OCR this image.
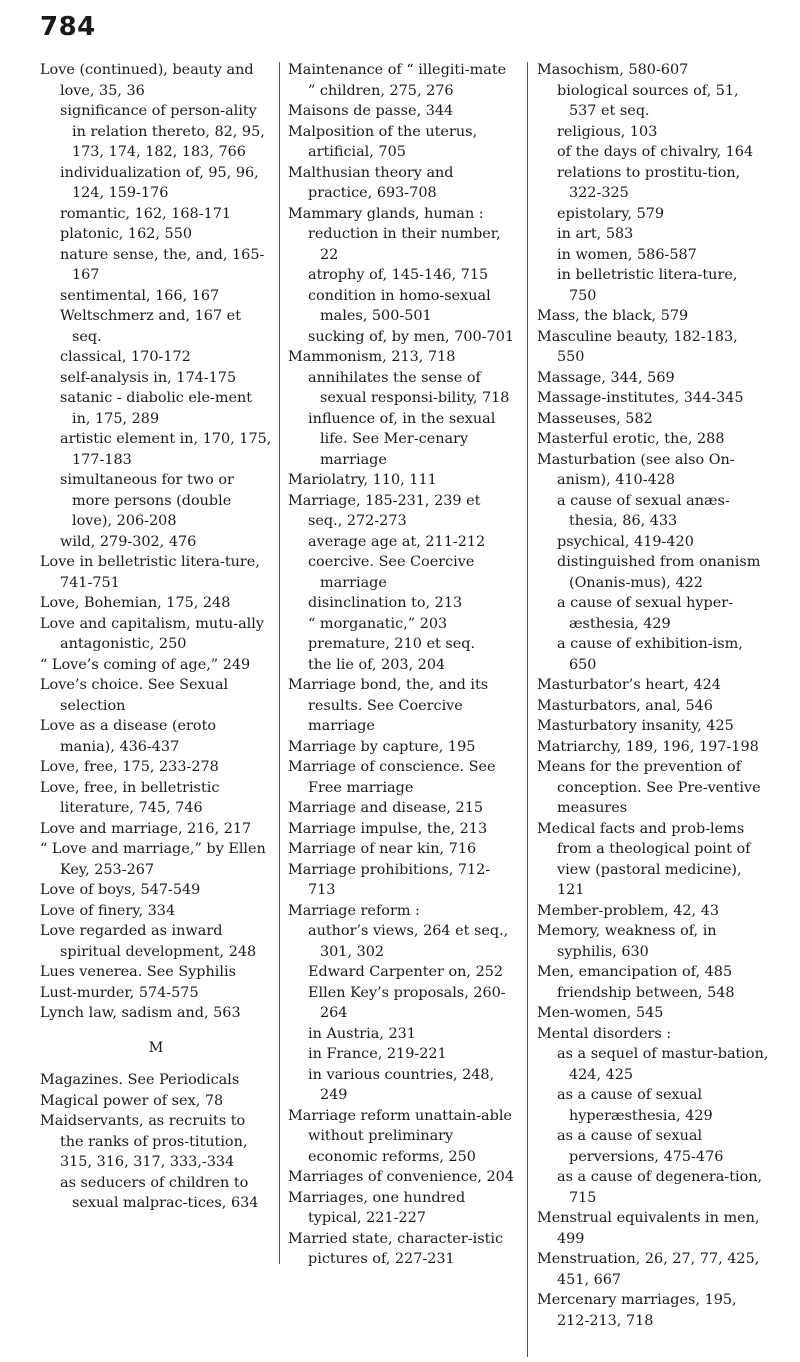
784
Love (continued), beauty and love, 35, 36
significance of person-ality in relation thereto, 82, 95, 173, 174, 182, 183, 766
individualization of, 95, 96, 124, 159-176
romantic, 162, 168-171
platonic, 162, 550
nature sense, the, and, 165-167
sentimental, 166, 167
Weltschmerz and, 167 et seq.
classical, 170-172
self-analysis in, 174-175
satanic - diabolic ele-ment in, 175, 289
artistic element in, 170, 175, 177-183
simultaneous for two or more persons (double love), 206-208
wild, 279-302, 476
Love in belletristic litera-ture, 741-751
Love, Bohemian, 175, 248
Love and capitalism, mutu-ally antagonistic, 250
“ Love’s coming of age,” 249
Love’s choice. See Sexual selection
Love as a disease (eroto mania), 436-437
Love, free, 175, 233-278
Love, free, in belletristic literature, 745, 746
Love and marriage, 216, 217
“ Love and marriage,” by Ellen Key, 253-267
Love of boys, 547-549
Love of finery, 334
Love regarded as inward spiritual development, 248
Lues venerea. See Syphilis
Lust-murder, 574-575
Lynch law, sadism and, 563
M
Magazines. See Periodicals
Magical power of sex, 78
Maidservants, as recruits to the ranks of pros-titution, 315, 316, 317, 333,-334
as seducers of children to sexual malprac-tices, 634
Maintenance of “ illegiti-mate ” children, 275, 276
Maisons de passe, 344
Malposition of the uterus, artificial, 705
Malthusian theory and practice, 693-708
Mammary glands, human :
reduction in their number, 22
atrophy of, 145-146, 715
condition in homo-sexual males, 500-501
sucking of, by men, 700-701
Mammonism, 213, 718
annihilates the sense of sexual responsi-bility, 718
influence of, in the sexual life. See Mer-cenary marriage
Mariolatry, 110, 111
Marriage, 185-231, 239 et seq., 272-273
average age at, 211-212
coercive. See Coercive marriage
disinclination to, 213
“ morganatic,” 203
premature, 210 et seq.
the lie of, 203, 204
Marriage bond, the, and its results. See Coercive marriage
Marriage by capture, 195
Marriage of conscience. See Free marriage
Marriage and disease, 215
Marriage impulse, the, 213
Marriage of near kin, 716
Marriage prohibitions, 712-713
Marriage reform :
author’s views, 264 et seq., 301, 302
Edward Carpenter on, 252
Ellen Key’s proposals, 260-264
in Austria, 231
in France, 219-221
in various countries, 248, 249
Marriage reform unattain-able without preliminary economic reforms, 250
Marriages of convenience, 204
Marriages, one hundred typical, 221-227
Married state, character-istic pictures of, 227-231
Masochism, 580-607
biological sources of, 51, 537 et seq.
religious, 103
of the days of chivalry, 164
relations to prostitu-tion, 322-325
epistolary, 579
in art, 583
in women, 586-587
in belletristic litera-ture, 750
Mass, the black, 579
Masculine beauty, 182-183, 550
Massage, 344, 569
Massage-institutes, 344-345
Masseuses, 582
Masterful erotic, the, 288
Masturbation (see also On-anism), 410-428
a cause of sexual anæs-thesia, 86, 433
psychical, 419-420
distinguished from onanism (Onanis-mus), 422
a cause of sexual hyper-æsthesia, 429
a cause of exhibition-ism, 650
Masturbator’s heart, 424
Masturbators, anal, 546
Masturbatory insanity, 425
Matriarchy, 189, 196, 197-198
Means for the prevention of conception. See Pre-ventive measures
Medical facts and prob-lems from a theological point of view (pastoral medicine), 121
Member-problem, 42, 43
Memory, weakness of, in syphilis, 630
Men, emancipation of, 485
friendship between, 548
Men-women, 545
Mental disorders :
as a sequel of mastur-bation, 424, 425
as a cause of sexual hyperæsthesia, 429
as a cause of sexual perversions, 475-476
as a cause of degenera-tion, 715
Menstrual equivalents in men, 499
Menstruation, 26, 27, 77, 425, 451, 667
Mercenary marriages, 195, 212-213, 718
